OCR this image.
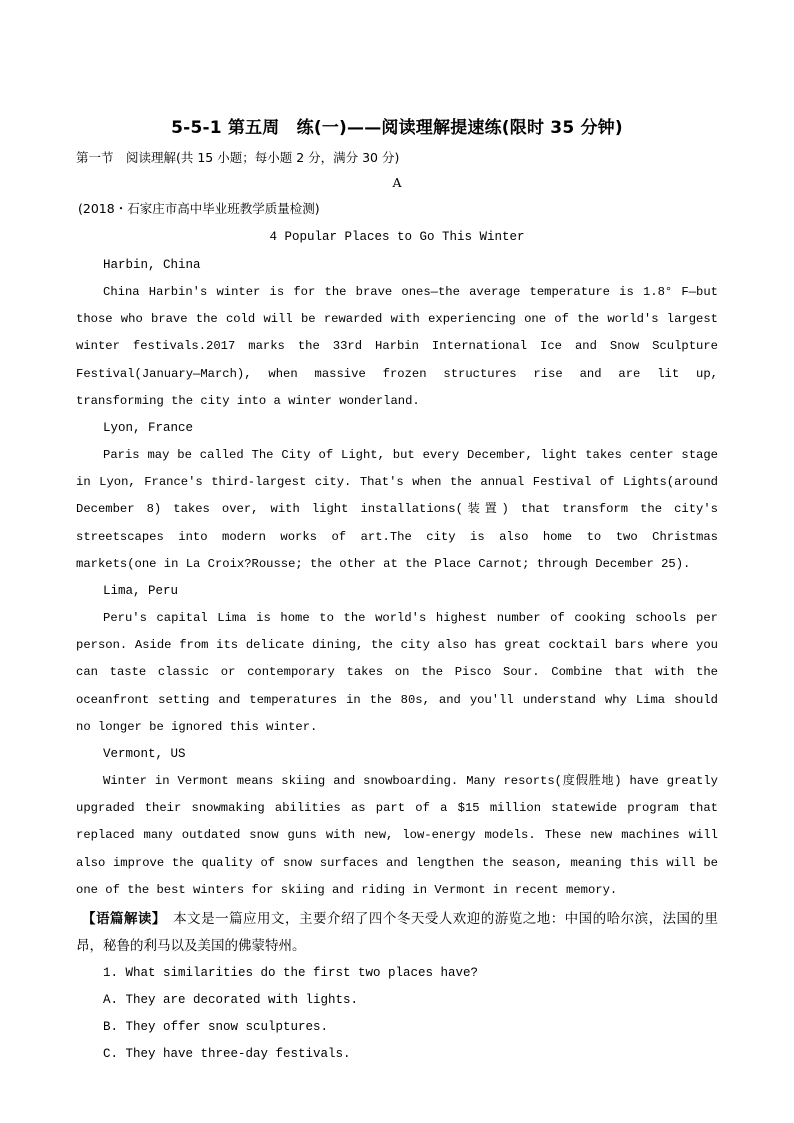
5-5-1 第五周　练(一)——阅读理解提速练(限时 35 分钟)
第一节　阅读理解(共 15 小题；每小题 2 分，满分 30 分)
A
(2018・石家庄市高中毕业班教学质量检测)
4 Popular Places to Go This Winter
Harbin, China

China Harbin's winter is for the brave ones—the average temperature is 1.8° F—but those who brave the cold will be rewarded with experiencing one of the world's largest winter festivals.2017 marks the 33rd Harbin International Ice and Snow Sculpture Festival(January—March), when massive frozen structures rise and are lit up, transforming the city into a winter wonderland.

Lyon, France

Paris may be called The City of Light, but every December, light takes center stage in Lyon, France's third-largest city. That's when the annual Festival of Lights(around December 8) takes over, with light installations(装置) that transform the city's streetscapes into modern works of art.The city is also home to two Christmas markets(one in La Croix?Rousse; the other at the Place Carnot; through December 25).

Lima, Peru

Peru's capital Lima is home to the world's highest number of cooking schools per person. Aside from its delicate dining, the city also has great cocktail bars where you can taste classic or contemporary takes on the Pisco Sour. Combine that with the oceanfront setting and temperatures in the 80s, and you'll understand why Lima should no longer be ignored this winter.

Vermont, US

Winter in Vermont means skiing and snowboarding. Many resorts(度假胜地) have greatly upgraded their snowmaking abilities as part of a $15 million statewide program that replaced many outdated snow guns with new, low-energy models. These new machines will also improve the quality of snow surfaces and lengthen the season, meaning this will be one of the best winters for skiing and riding in Vermont in recent memory.

【语篇解读】　本文是一篇应用文，主要介绍了四个冬天受人欢迎的游览之地：中国的哈尔滨，法国的里昂，秘鲁的利马以及美国的佛蒙特州。

1. What similarities do the first two places have?

A. They are decorated with lights.

B. They offer snow sculptures.

C. They have three-day festivals.
